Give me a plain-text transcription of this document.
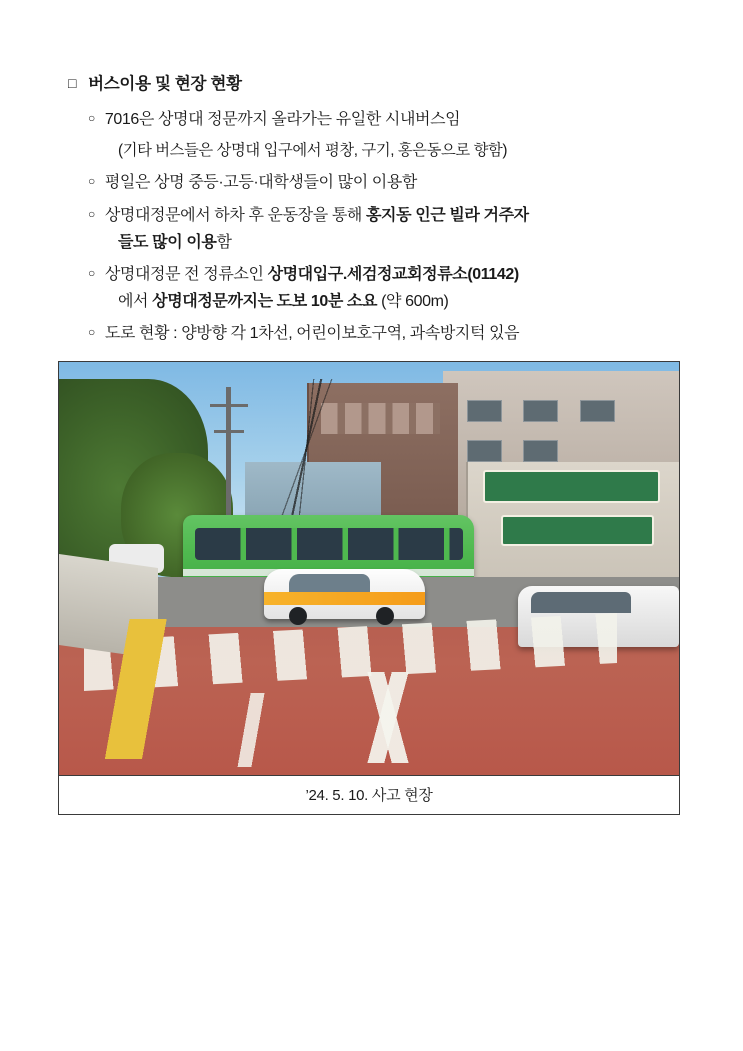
□ 버스이용 및 현장 현황
○ 7016은 상명대 정문까지 올라가는 유일한 시내버스임
(기타 버스들은 상명대 입구에서 평창, 구기, 홍은동으로 향함)
○ 평일은 상명 중등·고등·대학생들이 많이 이용함
○ 상명대정문에서 하차 후 운동장을 통해 홍지동 인근 빌라 거주자
들도 많이 이용함
○ 상명대정문 전 정류소인 상명대입구.세검정교회정류소(01142)
에서 상명대정문까지는 도보 10분 소요 (약 600m)
○ 도로 현황 : 양방향 각 1차선, 어린이보호구역, 과속방지턱 있음
’24. 5. 10. 사고 현장
